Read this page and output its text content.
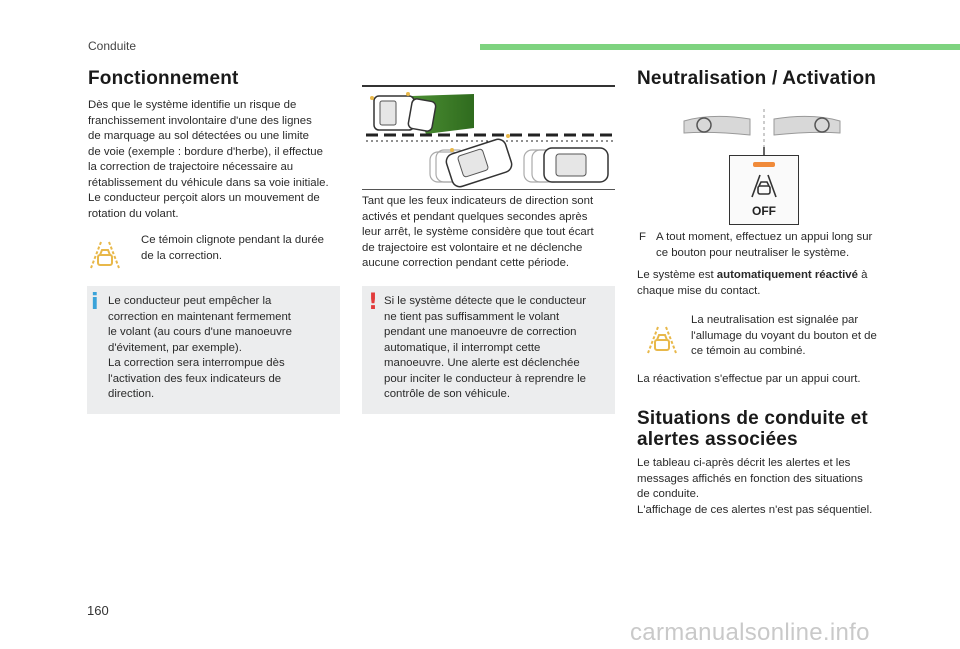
Conduite
Fonctionnement
Dès que le système identifie un risque de
franchissement involontaire d'une des lignes
de marquage au sol détectées ou une limite
de voie (exemple : bordure d'herbe), il effectue
la correction de trajectoire nécessaire au
rétablissement du véhicule dans sa voie initiale.
Le conducteur perçoit alors un mouvement de
rotation du volant.
Ce témoin clignote pendant la durée
de la correction.
i Le conducteur peut empêcher la
correction en maintenant fermement
le volant (au cours d'une manoeuvre
d'évitement, par exemple).
La correction sera interrompue dès
l'activation des feux indicateurs de
direction.
Tant que les feux indicateurs de direction sont
activés et pendant quelques secondes après
leur arrêt, le système considère que tout écart
de trajectoire est volontaire et ne déclenche
aucune correction pendant cette période.
! Si le système détecte que le conducteur
ne tient pas suffisamment le volant
pendant une manoeuvre de correction
automatique, il interrompt cette
manoeuvre. Une alerte est déclenchée
pour inciter le conducteur à reprendre le
contrôle de son véhicule.
Neutralisation / Activation
OFF
F A tout moment, effectuez un appui long sur
ce bouton pour neutraliser le système.
Le système est automatiquement réactivé à
chaque mise du contact.
La neutralisation est signalée par
l'allumage du voyant du bouton et de
ce témoin au combiné.
La réactivation s'effectue par un appui court.
Situations de conduite et
alertes associées
Le tableau ci-après décrit les alertes et les
messages affichés en fonction des situations
de conduite.
L'affichage de ces alertes n'est pas séquentiel.
160
carmanualsonline.info
